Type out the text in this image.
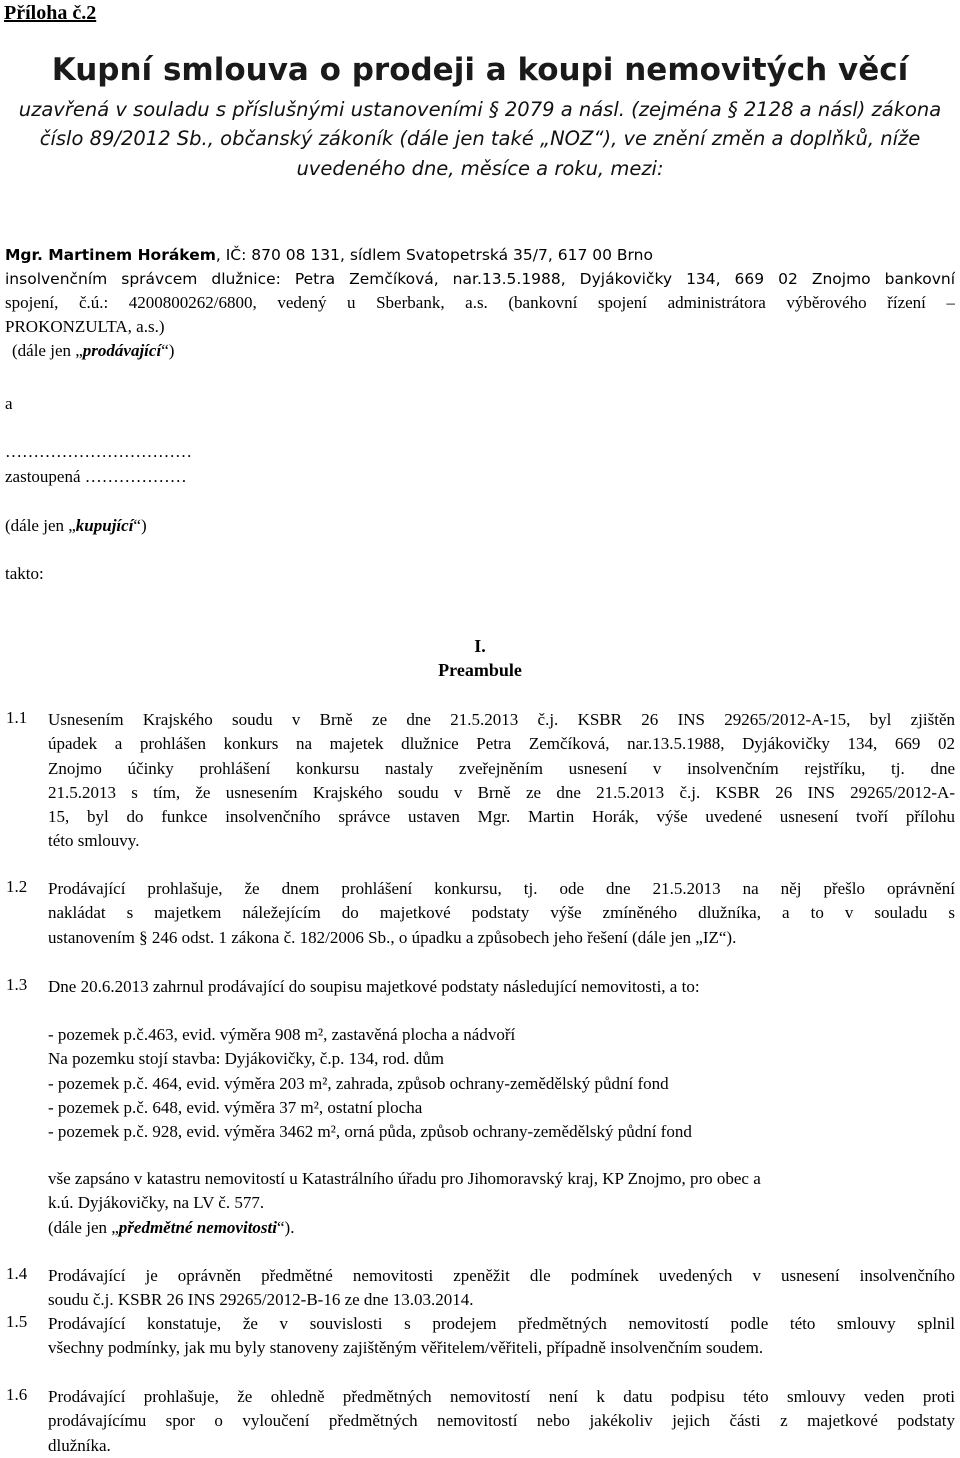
Příloha č.2
Kupní smlouva o prodeji a koupi nemovitých věcí
uzavřená v souladu s příslušnými ustanoveními § 2079 a násl. (zejména § 2128 a násl) zákona
číslo 89/2012 Sb., občanský zákoník (dále jen také „NOZ“), ve znění změn a doplňků, níže
uvedeného dne, měsíce a roku, mezi:
Mgr. Martinem Horákem, IČ: 870 08 131, sídlem Svatopetrská 35/7, 617 00 Brno
insolvenčním správcem dlužnice: Petra Zemčíková, nar.13.5.1988, Dyjákovičky 134, 669 02 Znojmo bankovní
spojení, č.ú.: 4200800262/6800, vedený u Sberbank, a.s. (bankovní spojení administrátora výběrového řízení –
PROKONZULTA, a.s.)
(dále jen „prodávající“)
a
……………………………
zastoupená ………………
(dále jen „kupující“)
takto:
I.
Preambule
1.1	Usnesením Krajského soudu v Brně ze dne 21.5.2013 č.j. KSBR 26 INS 29265/2012-A-15, byl zjištěn
úpadek a prohlášen konkurs na majetek dlužnice Petra Zemčíková, nar.13.5.1988, Dyjákovičky 134, 669 02
Znojmo účinky prohlášení konkursu nastaly zveřejněním usnesení v insolvenčním rejstříku, tj. dne
21.5.2013 s tím, že usnesením Krajského soudu v Brně ze dne 21.5.2013 č.j. KSBR 26 INS 29265/2012-A-
15, byl do funkce insolvenčního správce ustaven Mgr. Martin Horák, výše uvedené usnesení tvoří přílohu
této smlouvy.
1.2	Prodávající prohlašuje, že dnem prohlášení konkursu, tj. ode dne 21.5.2013 na něj přešlo oprávnění
nakládat s majetkem náležejícím do majetkové podstaty výše zmíněného dlužníka, a to v souladu s
ustanovením § 246 odst. 1 zákona č. 182/2006 Sb., o úpadku a způsobech jeho řešení (dále jen „IZ“).
1.3	Dne 20.6.2013 zahrnul prodávající do soupisu majetkové podstaty následující nemovitosti, a to:
- pozemek p.č.463, evid. výměra 908 m², zastavěná plocha a nádvoří
Na pozemku stojí stavba: Dyjákovičky, č.p. 134, rod. dům
- pozemek p.č. 464, evid. výměra 203 m², zahrada, způsob ochrany-zemědělský půdní fond
- pozemek p.č. 648, evid. výměra 37 m², ostatní plocha
- pozemek p.č. 928, evid. výměra 3462 m², orná půda, způsob ochrany-zemědělský půdní fond
vše zapsáno v katastru nemovitostí u Katastrálního úřadu pro Jihomoravský kraj, KP Znojmo, pro obec a
k.ú. Dyjákovičky, na LV č. 577.
(dále jen „předmětné nemovitosti“).
1.4	Prodávající je oprávněn předmětné nemovitosti zpeněžit dle podmínek uvedených v usnesení insolvenčního
soudu č.j. KSBR 26 INS 29265/2012-B-16 ze dne 13.03.2014.
1.5	Prodávající konstatuje, že v souvislosti s prodejem předmětných nemovitostí podle této smlouvy splnil
všechny podmínky, jak mu byly stanoveny zajištěným věřitelem/věřiteli, případně insolvenčním soudem.
1.6	Prodávající prohlašuje, že ohledně předmětných nemovitostí není k datu podpisu této smlouvy veden proti
prodávajícímu spor o vyloučení předmětných nemovitostí nebo jakékoliv jejich části z majetkové podstaty
dlužníka.
